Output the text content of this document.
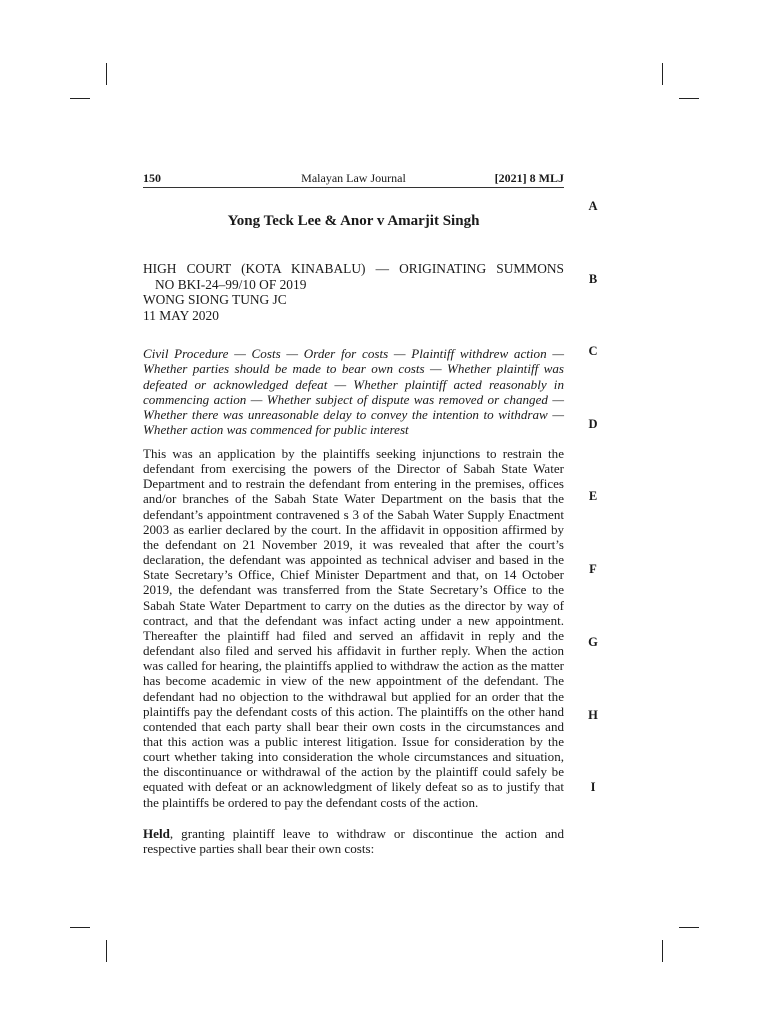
150	Malayan Law Journal	[2021] 8 MLJ
Yong Teck Lee & Anor v Amarjit Singh
HIGH COURT (KOTA KINABALU) — ORIGINATING SUMMONS
NO BKI-24–99/10 OF 2019
WONG SIONG TUNG JC
11 MAY 2020
Civil Procedure — Costs — Order for costs — Plaintiff withdrew action — Whether parties should be made to bear own costs — Whether plaintiff was defeated or acknowledged defeat — Whether plaintiff acted reasonably in commencing action — Whether subject of dispute was removed or changed — Whether there was unreasonable delay to convey the intention to withdraw — Whether action was commenced for public interest
This was an application by the plaintiffs seeking injunctions to restrain the defendant from exercising the powers of the Director of Sabah State Water Department and to restrain the defendant from entering in the premises, offices and/or branches of the Sabah State Water Department on the basis that the defendant’s appointment contravened s 3 of the Sabah Water Supply Enactment 2003 as earlier declared by the court. In the affidavit in opposition affirmed by the defendant on 21 November 2019, it was revealed that after the court’s declaration, the defendant was appointed as technical adviser and based in the State Secretary’s Office, Chief Minister Department and that, on 14 October 2019, the defendant was transferred from the State Secretary’s Office to the Sabah State Water Department to carry on the duties as the director by way of contract, and that the defendant was infact acting under a new appointment. Thereafter the plaintiff had filed and served an affidavit in reply and the defendant also filed and served his affidavit in further reply. When the action was called for hearing, the plaintiffs applied to withdraw the action as the matter has become academic in view of the new appointment of the defendant. The defendant had no objection to the withdrawal but applied for an order that the plaintiffs pay the defendant costs of this action. The plaintiffs on the other hand contended that each party shall bear their own costs in the circumstances and that this action was a public interest litigation. Issue for consideration by the court whether taking into consideration the whole circumstances and situation, the discontinuance or withdrawal of the action by the plaintiff could safely be equated with defeat or an acknowledgment of likely defeat so as to justify that the plaintiffs be ordered to pay the defendant costs of the action.
Held, granting plaintiff leave to withdraw or discontinue the action and respective parties shall bear their own costs:
A
B
C
D
E
F
G
H
I
